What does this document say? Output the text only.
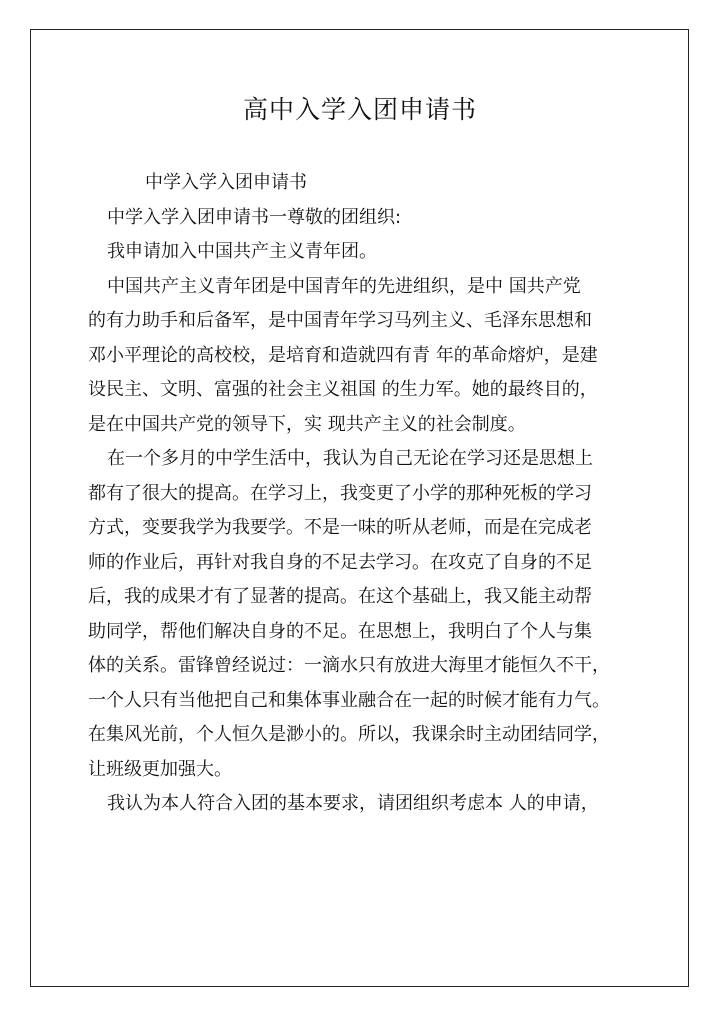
高中入学入团申请书
中学入学入团申请书
中学入学入团申请书一尊敬的团组织:
我申请加入中国共产主义青年团。
中国共产主义青年团是中国青年的先进组织，是中 国共产党
的有力助手和后备军，是中国青年学习马列主义、毛泽东思想和
邓小平理论的高校校，是培育和造就四有青 年的革命熔炉，是建
设民主、文明、富强的社会主义祖国 的生力军。她的最终目的，
是在中国共产党的领导下，实 现共产主义的社会制度。
在一个多月的中学生活中，我认为自己无论在学习还是思想上
都有了很大的提高。在学习上，我变更了小学的那种死板的学习
方式，变要我学为我要学。不是一味的听从老师，而是在完成老
师的作业后，再针对我自身的不足去学习。在攻克了自身的不足
后，我的成果才有了显著的提高。在这个基础上，我又能主动帮
助同学，帮他们解决自身的不足。在思想上，我明白了个人与集
体的关系。雷锋曾经说过：一滴水只有放进大海里才能恒久不干，
一个人只有当他把自己和集体事业融合在一起的时候才能有力气。
在集风光前，个人恒久是渺小的。所以，我课余时主动团结同学，
让班级更加强大。
我认为本人符合入团的基本要求，请团组织考虑本 人的申请，
